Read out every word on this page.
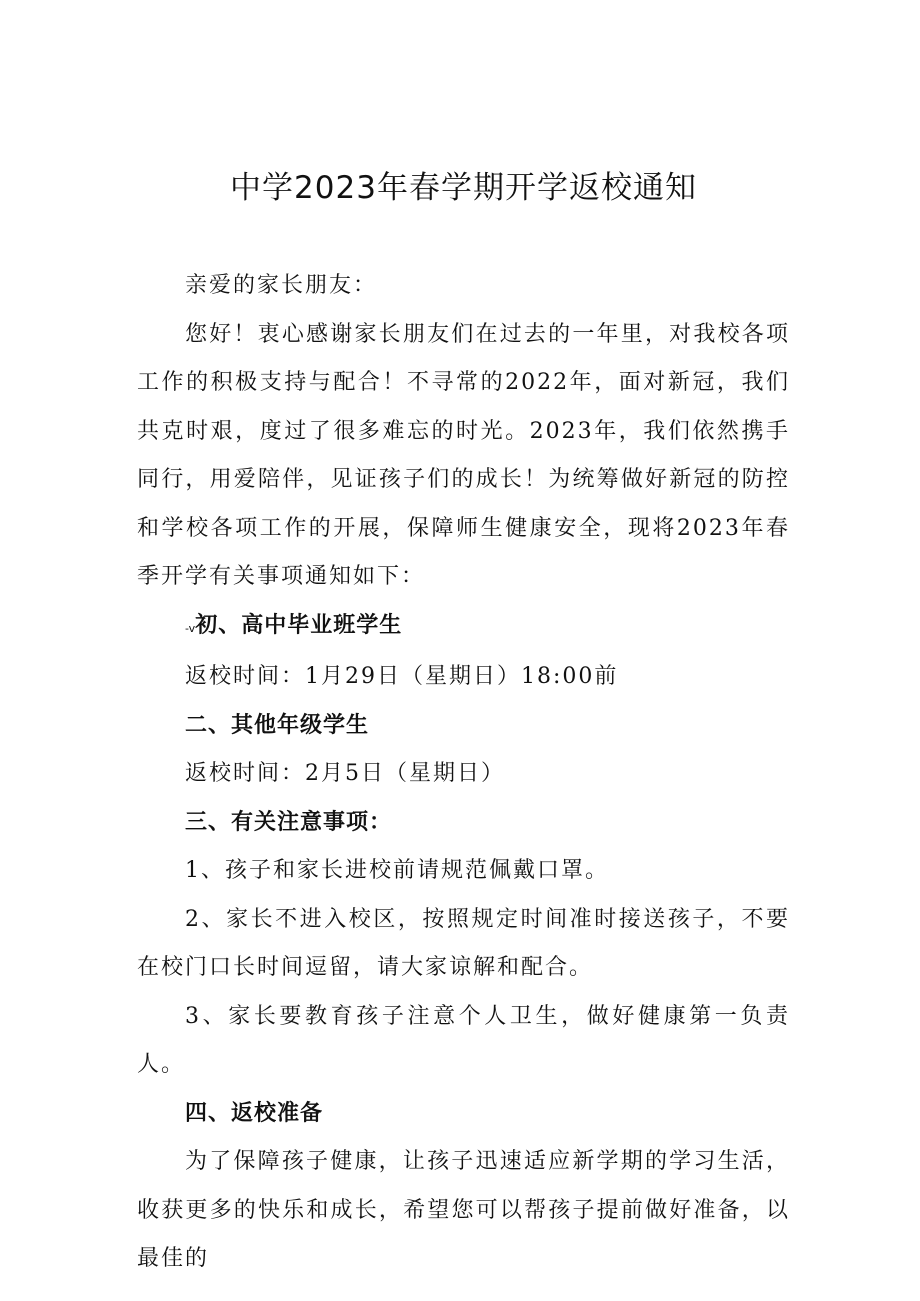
中学2023年春学期开学返校通知

亲爱的家长朋友：

您好！衷心感谢家长朋友们在过去的一年里，对我校各项工作的积极支持与配合！不寻常的2022年，面对新冠，我们共克时艰，度过了很多难忘的时光。2023年，我们依然携手同行，用爱陪伴，见证孩子们的成长！为统筹做好新冠的防控和学校各项工作的开展，保障师生健康安全，现将2023年春季开学有关事项通知如下：

-v初、高中毕业班学生

返校时间：1月29日（星期日）18:00前

二、其他年级学生

返校时间：2月5日（星期日）

三、有关注意事项：

1、孩子和家长进校前请规范佩戴口罩。

2、家长不进入校区，按照规定时间准时接送孩子，不要在校门口长时间逗留，请大家谅解和配合。

3、家长要教育孩子注意个人卫生，做好健康第一负责人。

四、返校准备

为了保障孩子健康，让孩子迅速适应新学期的学习生活，收获更多的快乐和成长，希望您可以帮孩子提前做好准备，以最佳的
